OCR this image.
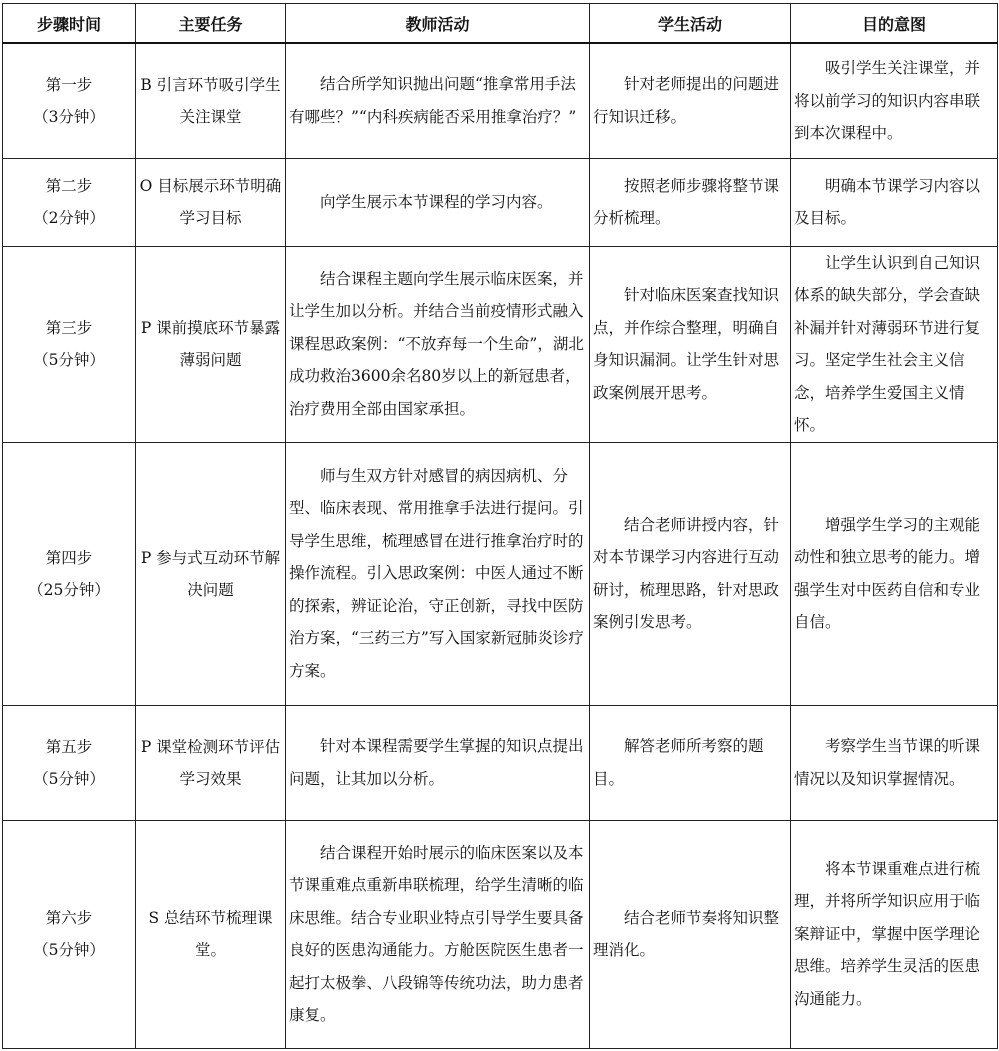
步骤时间	主要任务	教师活动	学生活动	目的意图

第一步
（3分钟）	B 引言环节吸引学生关注课堂	结合所学知识抛出问题“推拿常用手法有哪些？”“内科疾病能否采用推拿治疗？”	针对老师提出的问题进行知识迁移。	吸引学生关注课堂，并将以前学习的知识内容串联到本次课程中。

第二步
（2分钟）	O 目标展示环节明确学习目标	向学生展示本节课程的学习内容。	按照老师步骤将整节课分析梳理。	明确本节课学习内容以及目标。

第三步
（5分钟）	P 课前摸底环节暴露薄弱问题	结合课程主题向学生展示临床医案，并让学生加以分析。并结合当前疫情形式融入课程思政案例：“不放弃每一个生命”，湖北成功救治3600余名80岁以上的新冠患者，治疗费用全部由国家承担。	针对临床医案查找知识点，并作综合整理，明确自身知识漏洞。让学生针对思政案例展开思考。	让学生认识到自己知识体系的缺失部分，学会查缺补漏并针对薄弱环节进行复习。坚定学生社会主义信念，培养学生爱国主义情怀。

第四步
（25分钟）	P 参与式互动环节解决问题	师与生双方针对感冒的病因病机、分型、临床表现、常用推拿手法进行提问。引导学生思维，梳理感冒在进行推拿治疗时的操作流程。引入思政案例：中医人通过不断的探索，辨证论治，守正创新，寻找中医防治方案，“三药三方”写入国家新冠肺炎诊疗方案。	结合老师讲授内容，针对本节课学习内容进行互动研讨，梳理思路，针对思政案例引发思考。	增强学生学习的主观能动性和独立思考的能力。增强学生对中医药自信和专业自信。

第五步
（5分钟）	P 课堂检测环节评估学习效果	针对本课程需要学生掌握的知识点提出问题，让其加以分析。	解答老师所考察的题目。	考察学生当节课的听课情况以及知识掌握情况。

第六步
（5分钟）	S 总结环节梳理课堂。	结合课程开始时展示的临床医案以及本节课重难点重新串联梳理，给学生清晰的临床思维。结合专业职业特点引导学生要具备良好的医患沟通能力。方舱医院医生患者一起打太极拳、八段锦等传统功法，助力患者康复。	结合老师节奏将知识整理消化。	将本节课重难点进行梳理，并将所学知识应用于临案辩证中，掌握中医学理论思维。培养学生灵活的医患沟通能力。
